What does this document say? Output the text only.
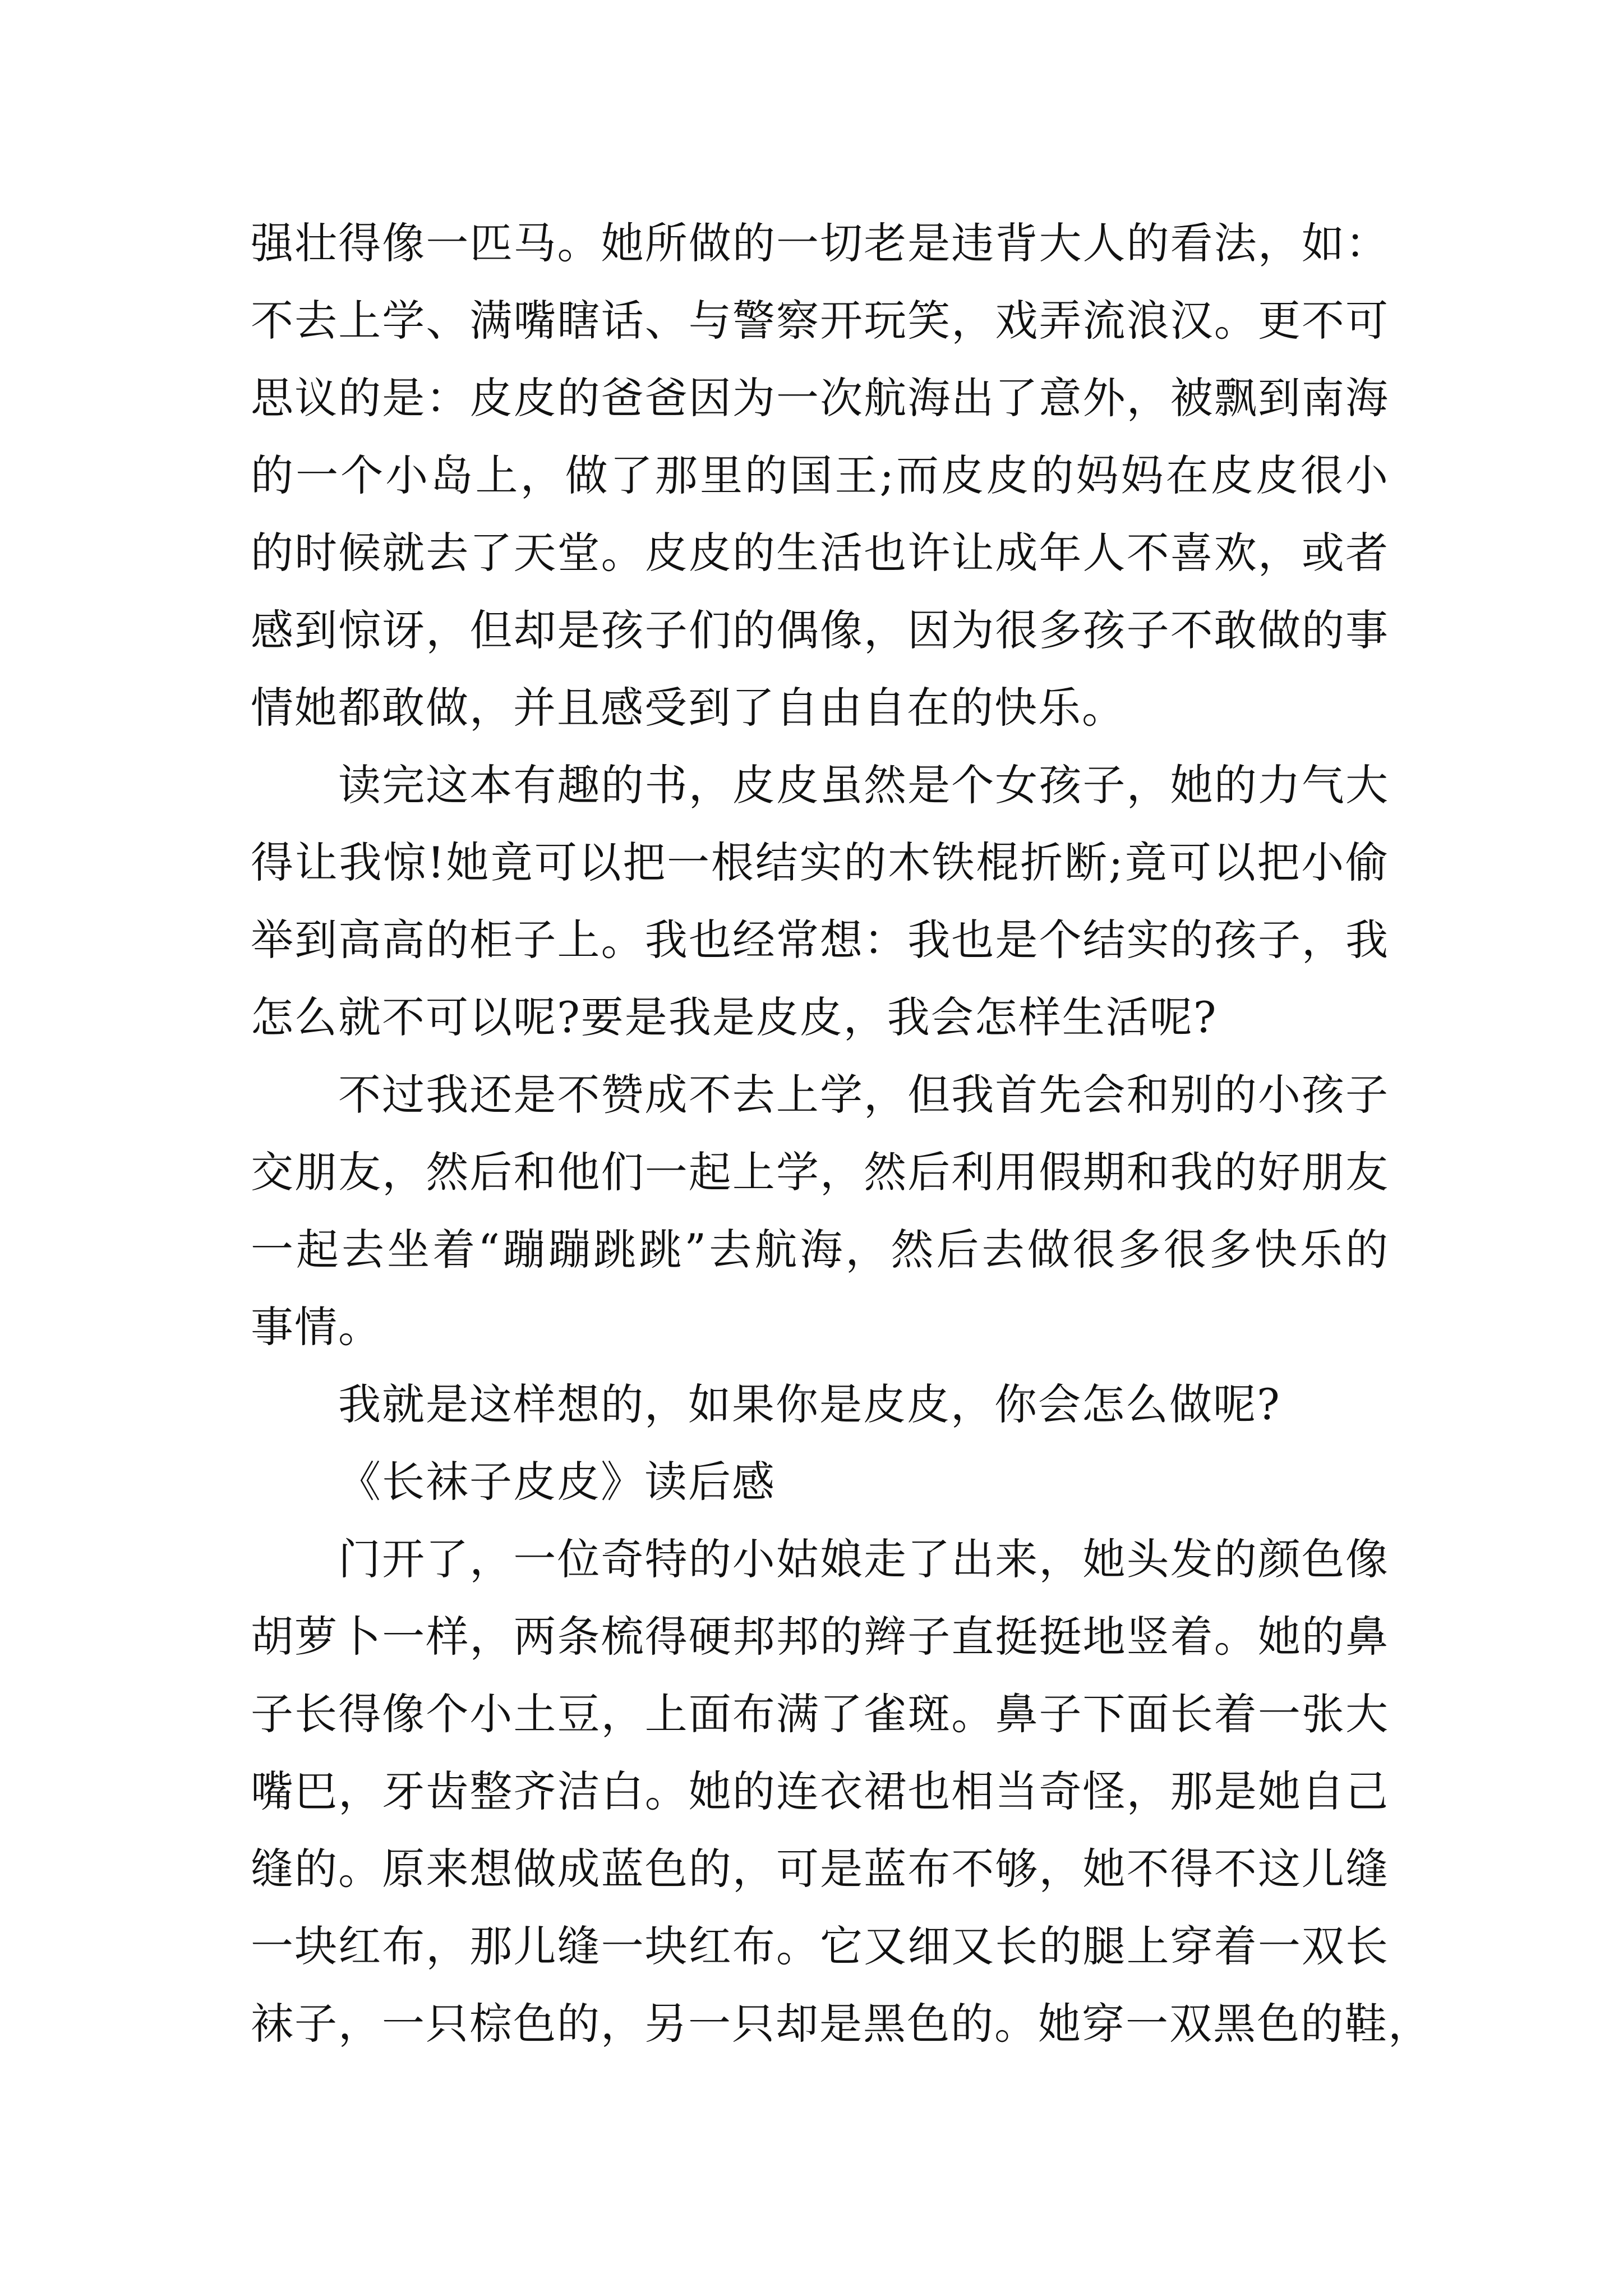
强壮得像一匹马。她所做的一切老是违背大人的看法，如：
不去上学、满嘴瞎话、与警察开玩笑，戏弄流浪汉。更不可
思议的是：皮皮的爸爸因为一次航海出了意外，被飘到南海
的一个小岛上，做了那里的国王;而皮皮的妈妈在皮皮很小
的时候就去了天堂。皮皮的生活也许让成年人不喜欢，或者
感到惊讶，但却是孩子们的偶像，因为很多孩子不敢做的事
情她都敢做，并且感受到了自由自在的快乐。
读完这本有趣的书，皮皮虽然是个女孩子，她的力气大
得让我惊!她竟可以把一根结实的木铁棍折断;竟可以把小偷
举到高高的柜子上。我也经常想：我也是个结实的孩子，我
怎么就不可以呢?要是我是皮皮，我会怎样生活呢?
不过我还是不赞成不去上学，但我首先会和别的小孩子
交朋友，然后和他们一起上学，然后利用假期和我的好朋友
一起去坐着“蹦蹦跳跳”去航海，然后去做很多很多快乐的
事情。
我就是这样想的，如果你是皮皮，你会怎么做呢?
《长袜子皮皮》读后感
门开了，一位奇特的小姑娘走了出来，她头发的颜色像
胡萝卜一样，两条梳得硬邦邦的辫子直挺挺地竖着。她的鼻
子长得像个小土豆，上面布满了雀斑。鼻子下面长着一张大
嘴巴，牙齿整齐洁白。她的连衣裙也相当奇怪，那是她自己
缝的。原来想做成蓝色的，可是蓝布不够，她不得不这儿缝
一块红布，那儿缝一块红布。它又细又长的腿上穿着一双长
袜子，一只棕色的，另一只却是黑色的。她穿一双黑色的鞋，
